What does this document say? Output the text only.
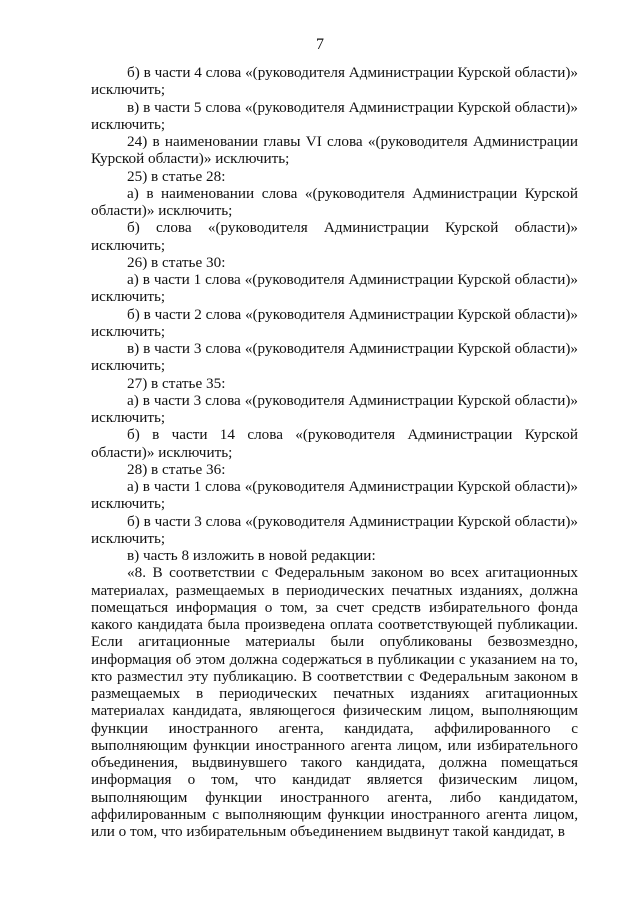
7

б) в части 4 слова «(руководителя Администрации Курской области)» исключить;

в) в части 5 слова «(руководителя Администрации Курской области)» исключить;

24) в наименовании главы VI слова «(руководителя Администрации Курской области)» исключить;

25) в статье 28:

а) в наименовании слова «(руководителя Администрации Курской области)» исключить;

б) слова «(руководителя Администрации Курской области)» исключить;

26) в статье 30:

а) в части 1 слова «(руководителя Администрации Курской области)» исключить;

б) в части 2 слова «(руководителя Администрации Курской области)» исключить;

в) в части 3 слова «(руководителя Администрации Курской области)» исключить;

27) в статье 35:

а) в части 3 слова «(руководителя Администрации Курской области)» исключить;

б) в части 14 слова «(руководителя Администрации Курской области)» исключить;

28) в статье 36:

а) в части 1 слова «(руководителя Администрации Курской области)» исключить;

б) в части 3 слова «(руководителя Администрации Курской области)» исключить;

в) часть 8 изложить в новой редакции:

«8. В соответствии с Федеральным законом во всех агитационных материалах, размещаемых в периодических печатных изданиях, должна помещаться информация о том, за счет средств избирательного фонда какого кандидата была произведена оплата соответствующей публикации. Если агитационные материалы были опубликованы безвозмездно, информация об этом должна содержаться в публикации с указанием на то, кто разместил эту публикацию. В соответствии с Федеральным законом в размещаемых в периодических печатных изданиях агитационных материалах кандидата, являющегося физическим лицом, выполняющим функции иностранного агента, кандидата, аффилированного с выполняющим функции иностранного агента лицом, или избирательного объединения, выдвинувшего такого кандидата, должна помещаться информация о том, что кандидат является физическим лицом, выполняющим функции иностранного агента, либо кандидатом, аффилированным с выполняющим функции иностранного агента лицом, или о том, что избирательным объединением выдвинут такой кандидат, в
